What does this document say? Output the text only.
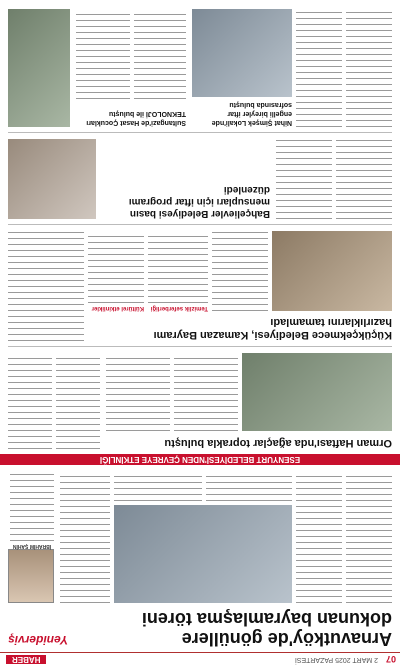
07
2 MART 2025 PAZARTESİ
HABER
Arnavutköy'de gönüllere dokunan bayramlaşma töreni
Yeniderviş
İBRAHİM ŞAHİN
ESENYURT BELEDİYESİ'NDEN ÇEVREYE ETKİNLİĞİ
Orman Haftası'nda ağaçlar toprakla buluştu
Küçükçekmece Belediyesi, Kamazan Bayramı hazırlıklarını tamamladı
Temizlik seferberliği
Kültürel etkinlikler
Bahçelievler Belediyesi basın mensupları için iftar programı düzenledi
Nihat Şimşek Lokali'nde engelli bireyler iftar sofrasında buluştu
Sultangazi'de Hasat Çocukları TEKNOLOJİ ile buluştu
